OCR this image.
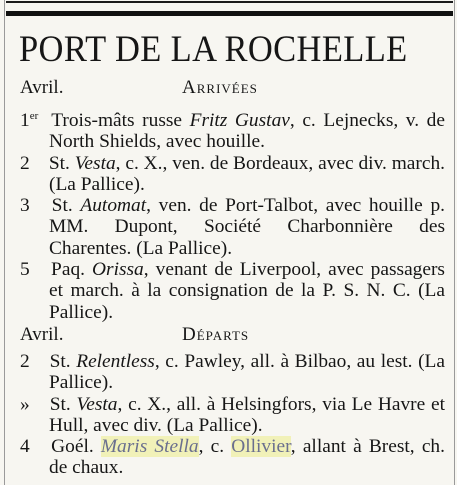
PORT DE LA ROCHELLE
Avril.	Arrivées

1er Trois-mâts russe Fritz Gustav, c. Lejnecks, v. de North Shields, avec houille.

2 St. Vesta, c. X., ven. de Bordeaux, avec div. march. (La Pallice).

3 St. Automat, ven. de Port-Talbot, avec houille p. MM. Dupont, Société Charbonnière des Charentes. (La Pallice).

5 Paq. Orissa, venant de Liverpool, avec passagers et march. à la consignation de la P. S. N. C. (La Pallice).

Avril.	Départs

2 St. Relentless, c. Pawley, all. à Bilbao, au lest. (La Pallice).

» St. Vesta, c. X., all. à Helsingfors, via Le Havre et Hull, avec div. (La Pallice).

4 Goél. Maris Stella, c. Ollivier, allant à Brest, ch. de chaux.
